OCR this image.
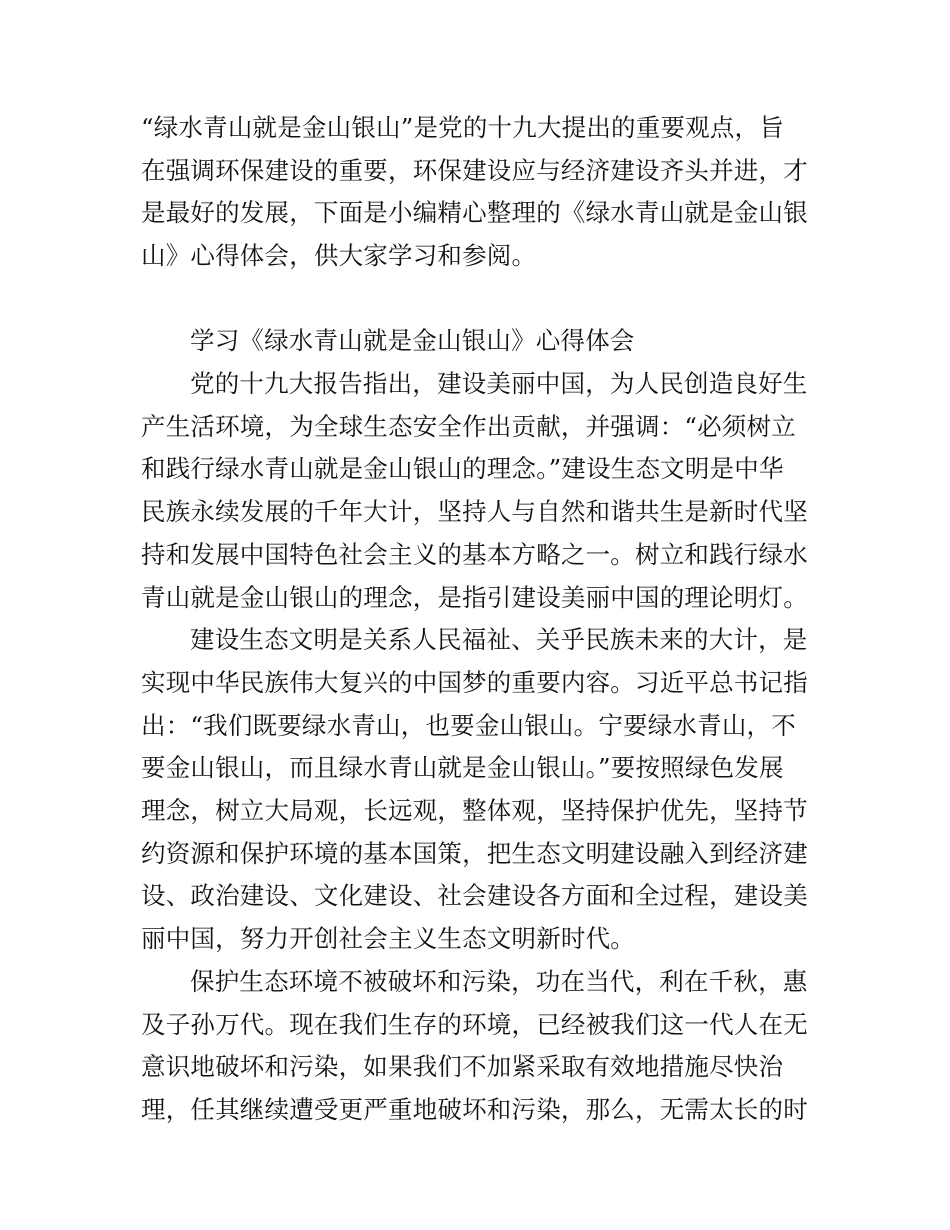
“绿水青山就是金山银山”是党的十九大提出的重要观点，旨
在强调环保建设的重要，环保建设应与经济建设齐头并进，才
是最好的发展，下面是小编精心整理的《绿水青山就是金山银
山》心得体会，供大家学习和参阅。
学习《绿水青山就是金山银山》心得体会
党的十九大报告指出，建设美丽中国，为人民创造良好生
产生活环境，为全球生态安全作出贡献，并强调：“必须树立
和践行绿水青山就是金山银山的理念。”建设生态文明是中华
民族永续发展的千年大计，坚持人与自然和谐共生是新时代坚
持和发展中国特色社会主义的基本方略之一。树立和践行绿水
青山就是金山银山的理念，是指引建设美丽中国的理论明灯。
建设生态文明是关系人民福祉、关乎民族未来的大计，是
实现中华民族伟大复兴的中国梦的重要内容。习近平总书记指
出：“我们既要绿水青山，也要金山银山。宁要绿水青山，不
要金山银山，而且绿水青山就是金山银山。”要按照绿色发展
理念，树立大局观，长远观，整体观，坚持保护优先，坚持节
约资源和保护环境的基本国策，把生态文明建设融入到经济建
设、政治建设、文化建设、社会建设各方面和全过程，建设美
丽中国，努力开创社会主义生态文明新时代。
保护生态环境不被破坏和污染，功在当代，利在千秋，惠
及子孙万代。现在我们生存的环境，已经被我们这一代人在无
意识地破坏和污染，如果我们不加紧采取有效地措施尽快治
理，任其继续遭受更严重地破坏和污染，那么，无需太长的时
